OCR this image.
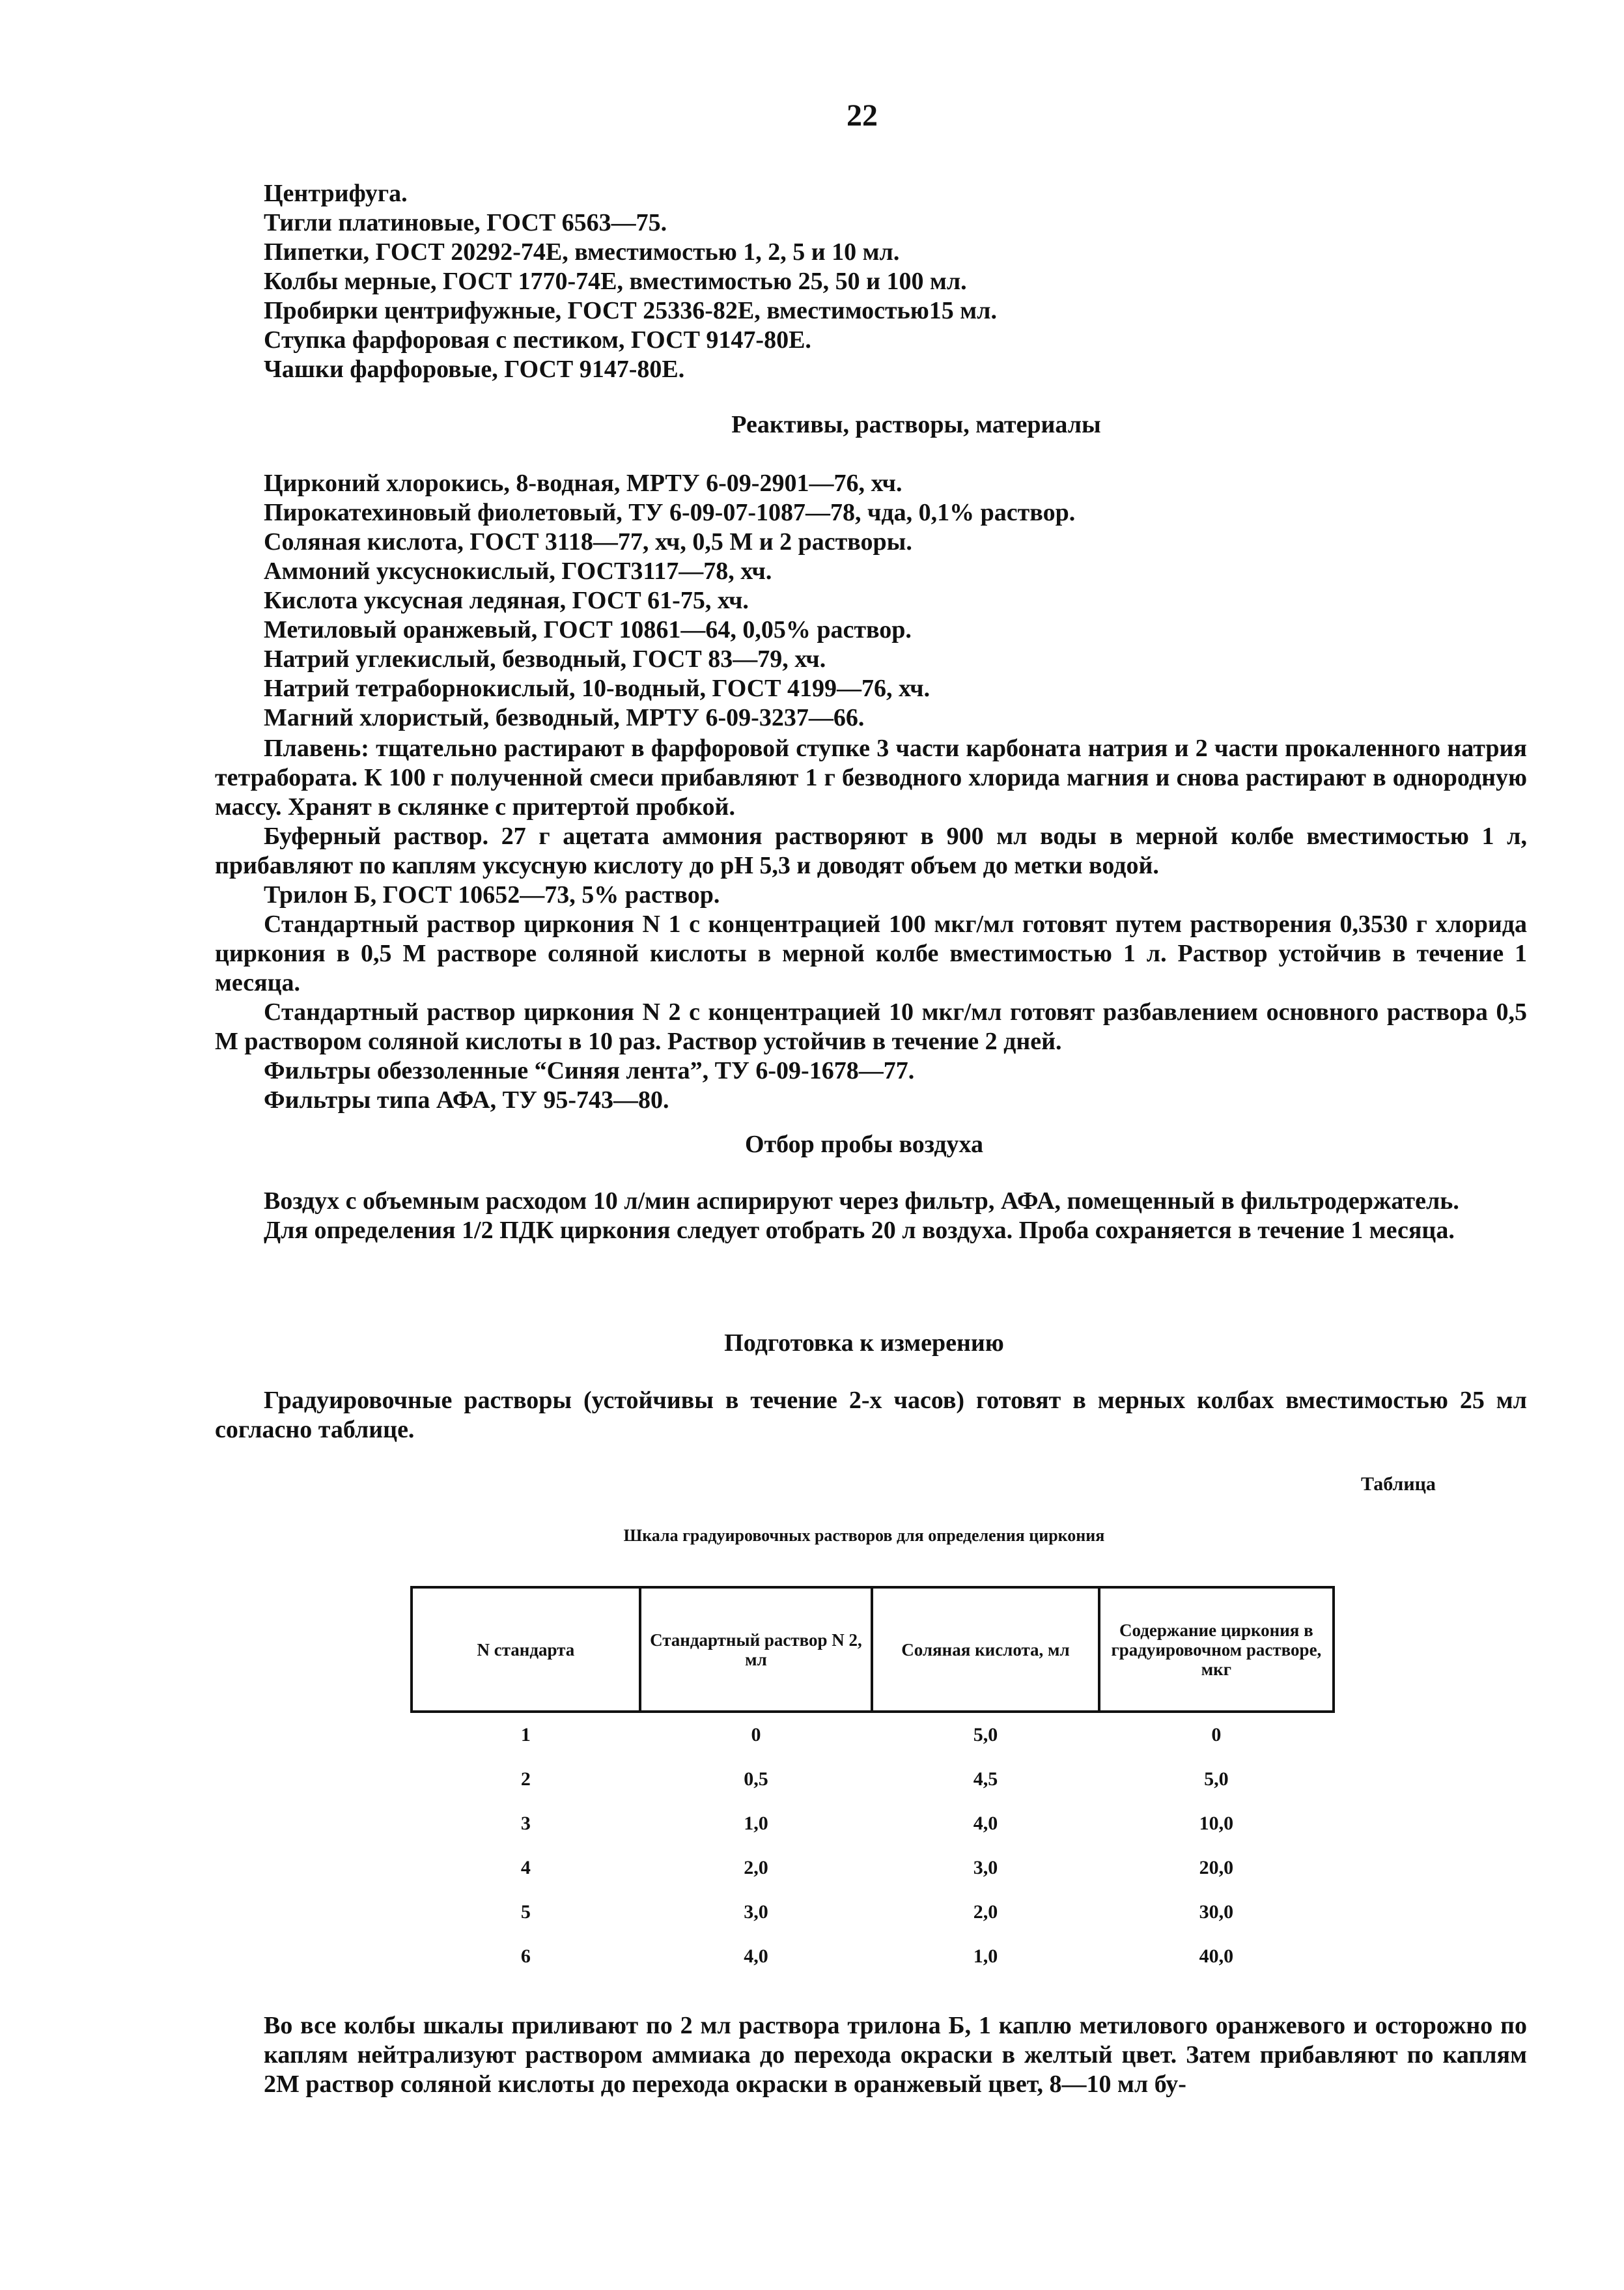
22

Центрифуга.

Тигли платиновые, ГОСТ 6563—75.

Пипетки, ГОСТ 20292-74Е, вместимостью 1, 2, 5 и 10 мл.

Колбы мерные, ГОСТ 1770-74Е, вместимостью 25, 50 и 100 мл.

Пробирки центрифужные, ГОСТ 25336-82Е, вместимостью15 мл.

Ступка фарфоровая с пестиком, ГОСТ 9147-80Е.

Чашки фарфоровые, ГОСТ 9147-80Е.

Реактивы, растворы, материалы

Цирконий хлорокись, 8-водная, МРТУ 6-09-2901—76, хч.

Пирокатехиновый фиолетовый, ТУ 6-09-07-1087—78, чда, 0,1% раствор.

Соляная кислота, ГОСТ 3118—77, хч, 0,5 М и 2 растворы.

Аммоний уксуснокислый, ГОСТ3117—78, хч.

Кислота уксусная ледяная, ГОСТ 61-75, хч.

Метиловый оранжевый, ГОСТ 10861—64, 0,05% раствор.

Натрий углекислый, безводный, ГОСТ 83—79, хч.

Натрий тетраборнокислый, 10-водный, ГОСТ 4199—76, хч.

Магний хлористый, безводный, МРТУ 6-09-3237—66.

Плавень: тщательно растирают в фарфоровой ступке 3 части карбоната натрия и 2 части прокаленного натрия тетрабората. К 100 г полученной смеси прибавляют 1 г безводного хлорида магния и снова растирают в однородную массу. Хранят в склянке с притертой пробкой.

Буферный раствор. 27 г ацетата аммония растворяют в 900 мл воды в мерной колбе вместимостью 1 л, прибавляют по каплям уксусную кислоту до pH 5,3 и доводят объем до метки водой.

Трилон Б, ГОСТ 10652—73, 5% раствор.

Стандартный раствор циркония N 1 с концентрацией 100 мкг/мл готовят путем растворения 0,3530 г хлорида циркония в 0,5 М растворе соляной кислоты в мерной колбе вместимостью 1 л. Раствор устойчив в течение 1 месяца.

Стандартный раствор циркония N 2 с концентрацией 10 мкг/мл готовят разбавлением основного раствора 0,5 М раствором соляной кислоты в 10 раз. Раствор устойчив в течение 2 дней.

Фильтры обеззоленные “Синяя лента”, ТУ 6-09-1678—77.

Фильтры типа АФА, ТУ 95-743—80.

Отбор пробы воздуха

Воздух с объемным расходом 10 л/мин аспирируют через фильтр, АФА, помещенный в фильтродержатель.

Для определения 1/2 ПДК циркония следует отобрать 20 л воздуха. Проба сохраняется в течение 1 месяца.

Подготовка к измерению

Градуировочные растворы (устойчивы в течение 2-х часов) готовят в мерных колбах вместимостью 25 мл согласно таблице.

Таблица
Шкала градуировочных растворов для определения циркония
N стандарта	Стандартный раствор N 2, мл	Соляная кислота, мл	Содержание циркония в градуировочном растворе, мкг
1	0	5,0	0
2	0,5	4,5	5,0
3	1,0	4,0	10,0
4	2,0	3,0	20,0
5	3,0	2,0	30,0
6	4,0	1,0	40,0

Во все колбы шкалы приливают по 2 мл раствора трилона Б, 1 каплю метилового оранжевого и осторожно по каплям нейтрализуют раствором аммиака до перехода окраски в желтый цвет. Затем прибавляют по каплям 2М раствор соляной кислоты до перехода окраски в оранжевый цвет, 8—10 мл бу-
